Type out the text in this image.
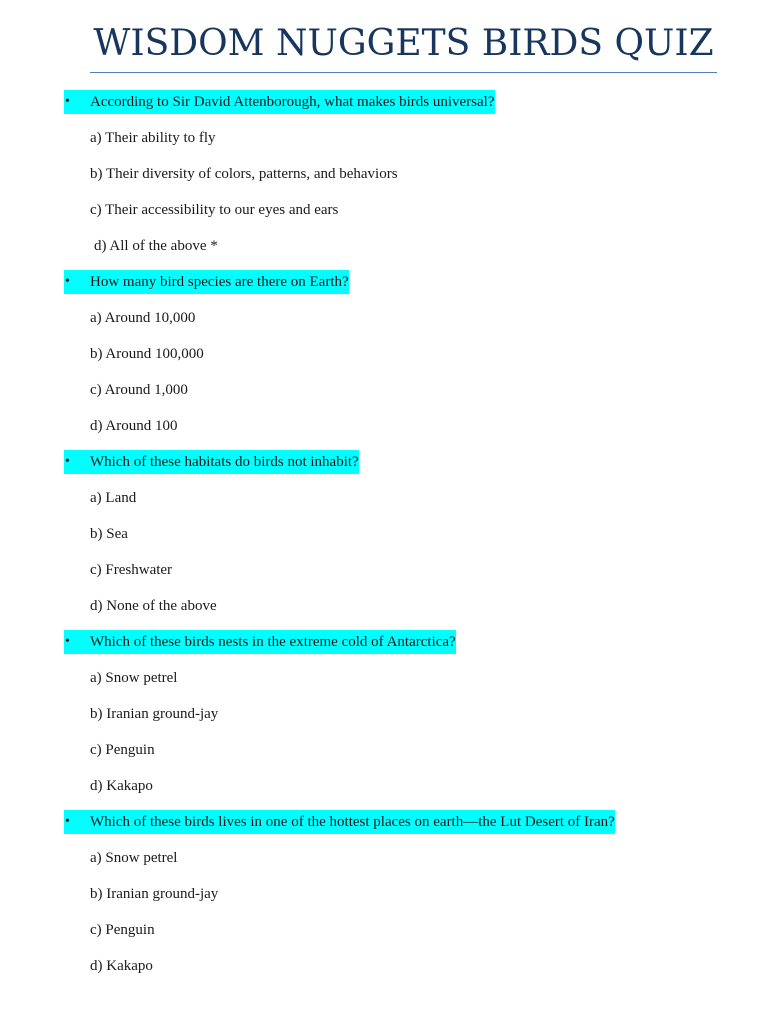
WISDOM NUGGETS BIRDS QUIZ
•	According to Sir David Attenborough, what makes birds universal?
a) Their ability to fly
b) Their diversity of colors, patterns, and behaviors
c) Their accessibility to our eyes and ears
d) All of the above *
•	How many bird species are there on Earth?
a) Around 10,000
b) Around 100,000
c) Around 1,000
d) Around 100
•	Which of these habitats do birds not inhabit?
a) Land
b) Sea
c) Freshwater
d) None of the above
•	Which of these birds nests in the extreme cold of Antarctica?
a) Snow petrel
b) Iranian ground-jay
c) Penguin
d) Kakapo
•	Which of these birds lives in one of the hottest places on earth—the Lut Desert of Iran?
a) Snow petrel
b) Iranian ground-jay
c) Penguin
d) Kakapo
